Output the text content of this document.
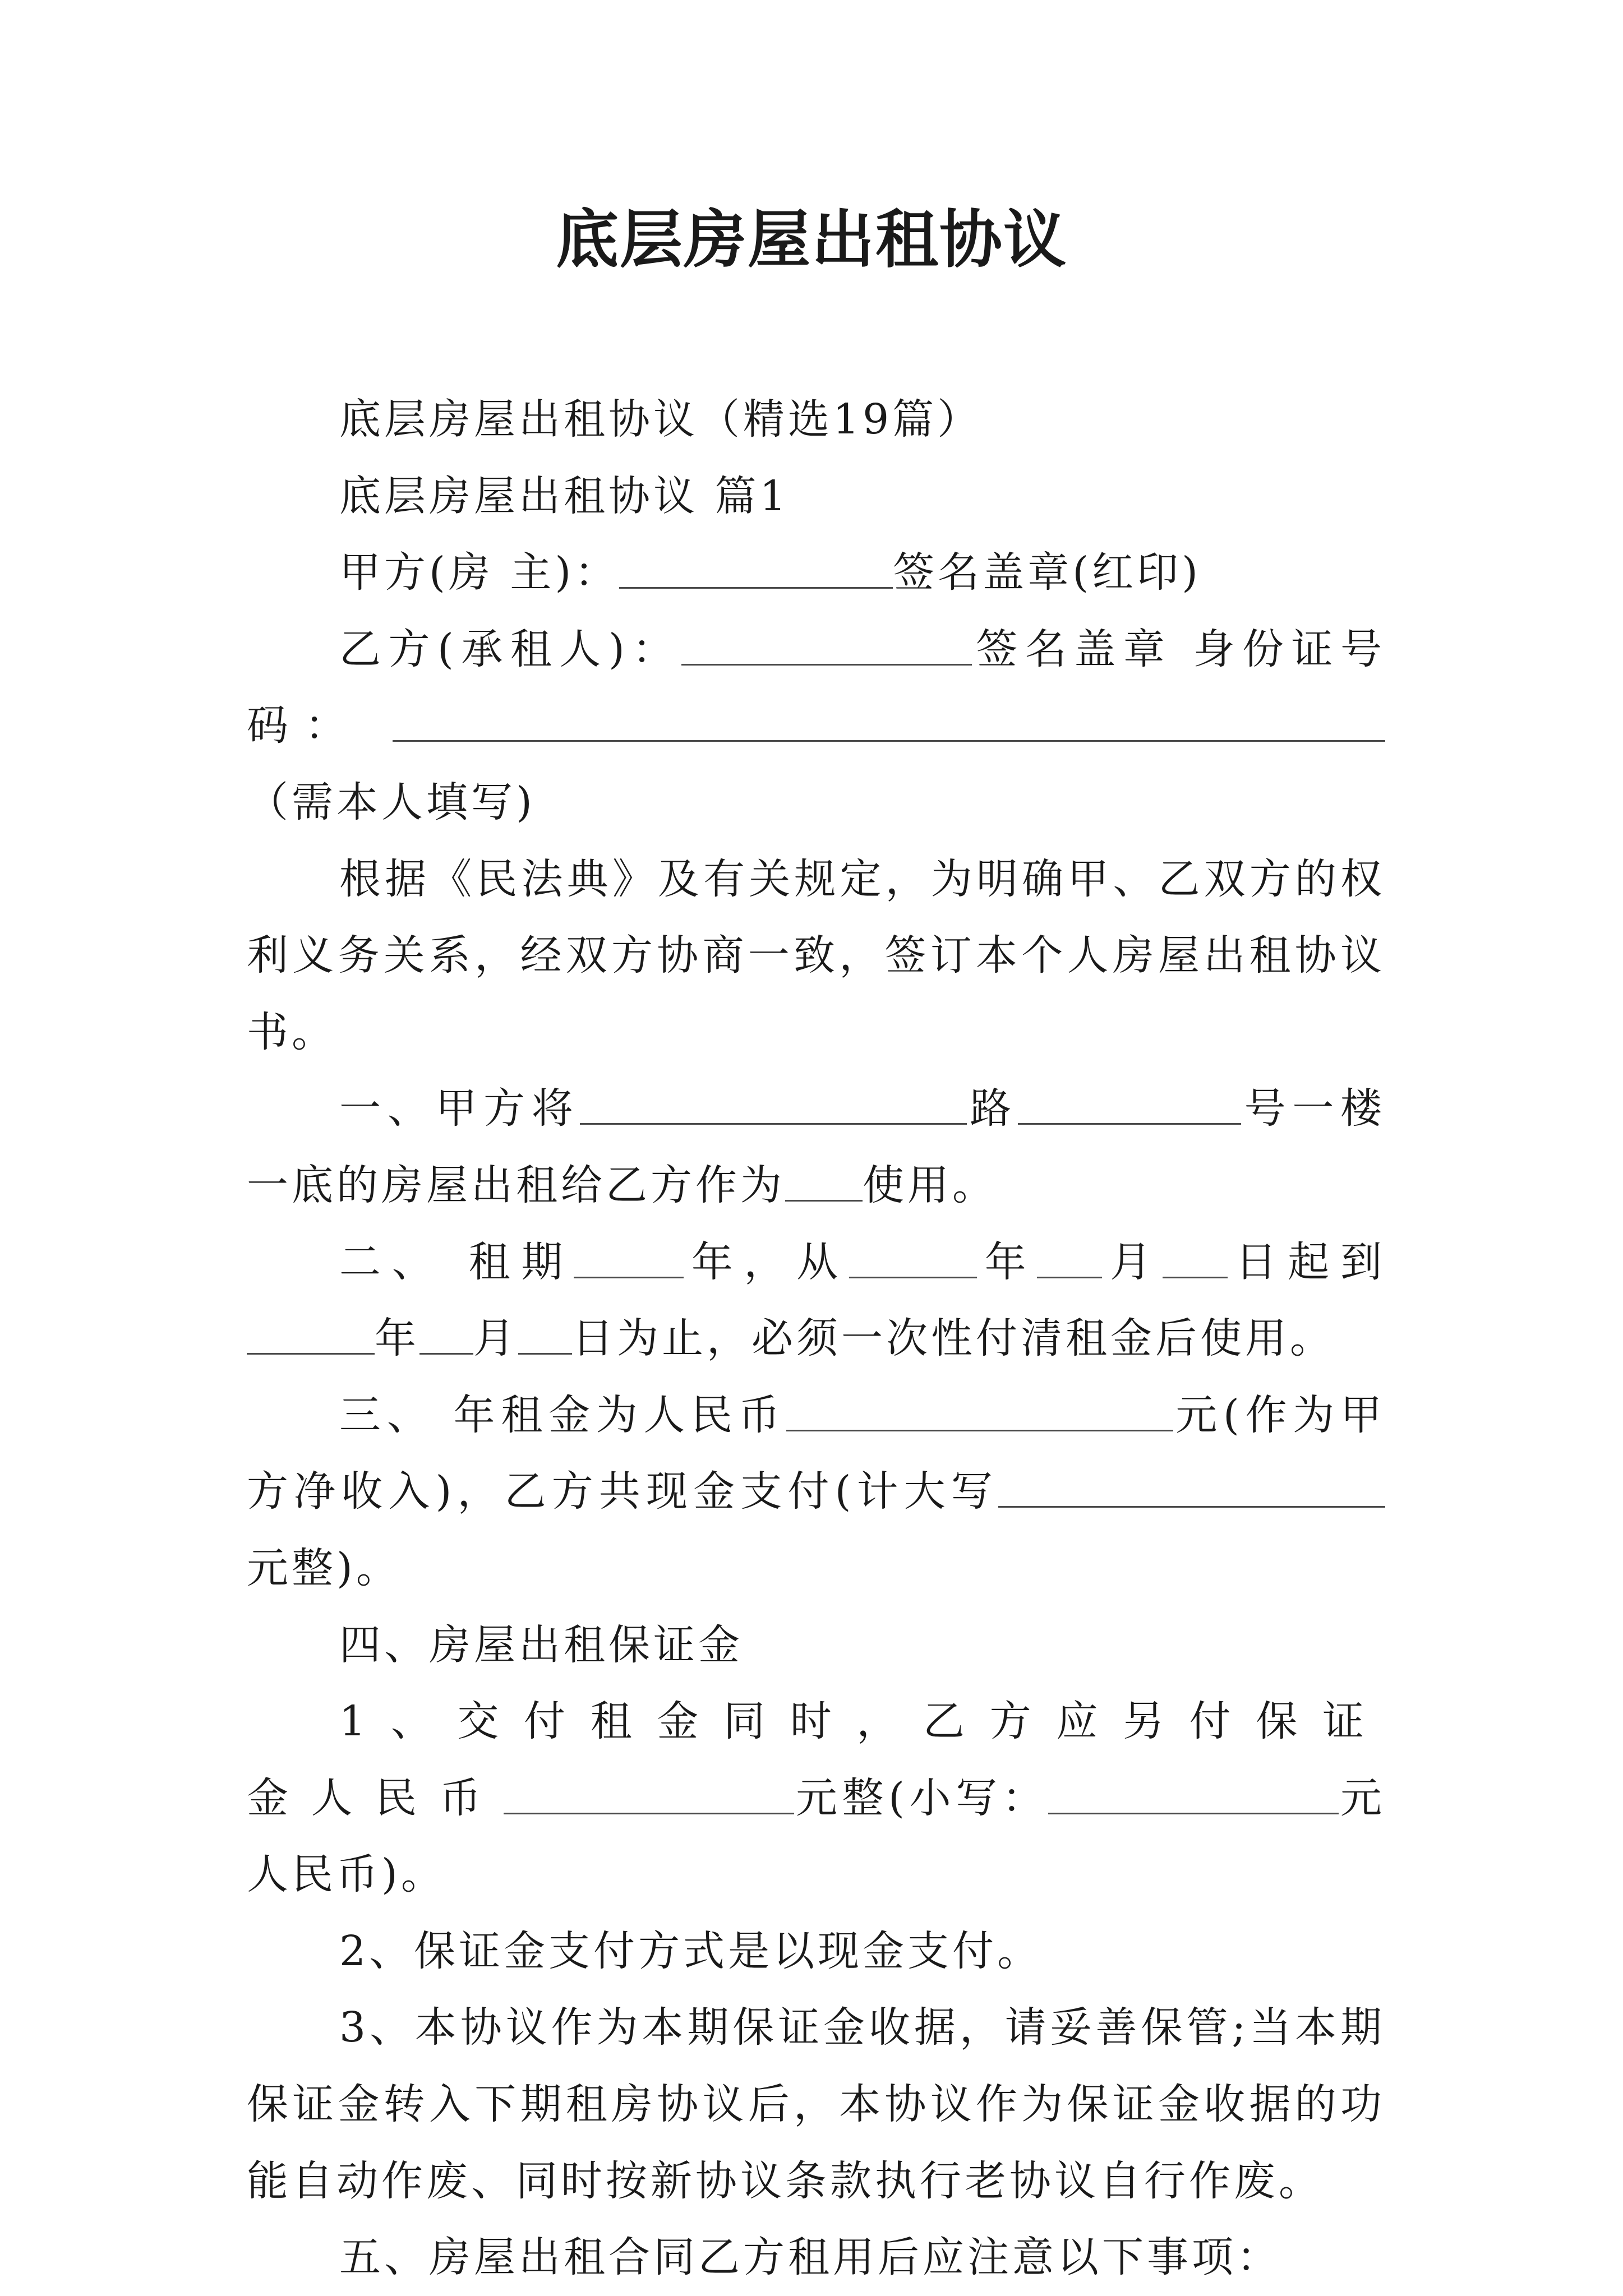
底层房屋出租协议

底层房屋出租协议（精选19篇）

底层房屋出租协议 篇1

甲方(房 主)：	签名盖章(红印)

乙方(承租人)：	签名盖章 身份证号码： （需本人填写)

根据《民法典》及有关规定，为明确甲、乙双方的权利义务关系，经双方协商一致，签订本个人房屋出租协议书。

一、甲方将	路	号一楼一底的房屋出租给乙方作为 使用。

二、 租期	年，从	年 月 日起到年 月 日为止，必须一次性付清租金后使用。

三、 年租金为人民币	元(作为甲方净收入)，乙方共现金支付(计大写元整)。

四、房屋出租保证金

1、交付租金同时，乙方应另付保证金人民币	元整(小写：	元人民币)。

2、保证金支付方式是以现金支付。

3、本协议作为本期保证金收据，请妥善保管;当本期保证金转入下期租房协议后，本协议作为保证金收据的功能自动作废、同时按新协议条款执行老协议自行作废。

五、房屋出租合同乙方租用后应注意以下事项：
